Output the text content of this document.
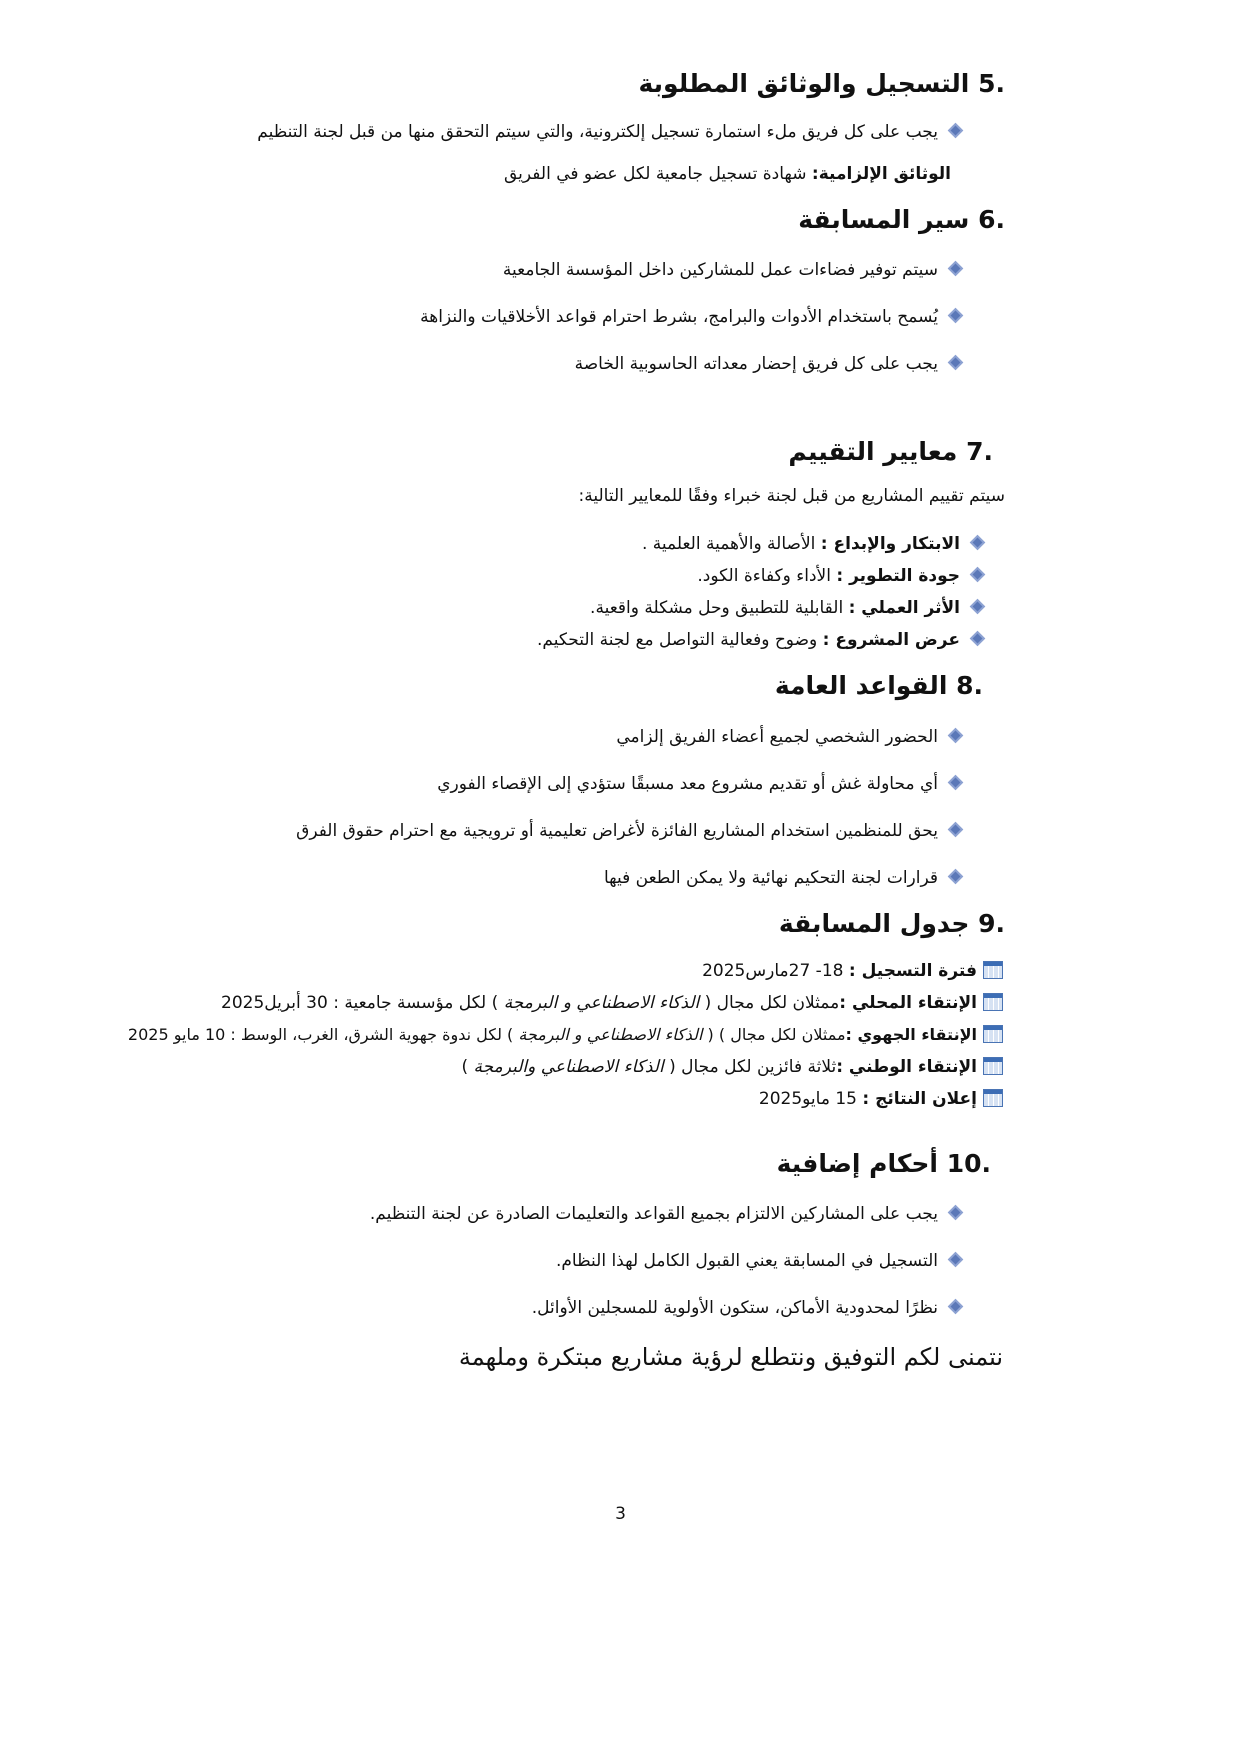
.5 التسجيل والوثائق المطلوبة
يجب على كل فريق ملء استمارة تسجيل إلكترونية، والتي سيتم التحقق منها من قبل لجنة التنظيم
الوثائق الإلزامية: شهادة تسجيل جامعية لكل عضو في الفريق
.6 سير المسابقة
سيتم توفير فضاءات عمل للمشاركين داخل المؤسسة الجامعية
يُسمح باستخدام الأدوات والبرامج، بشرط احترام قواعد الأخلاقيات والنزاهة
يجب على كل فريق إحضار معداته الحاسوبية الخاصة
.7 معايير التقييم
سيتم تقييم المشاريع من قبل لجنة خبراء وفقًا للمعايير التالية:
الابتكار والإبداع : الأصالة والأهمية العلمية .
جودة التطوير : الأداء وكفاءة الكود.
الأثر العملي : القابلية للتطبيق وحل مشكلة واقعية.
عرض المشروع : وضوح وفعالية التواصل مع لجنة التحكيم.
.8 القواعد العامة
الحضور الشخصي لجميع أعضاء الفريق إلزامي
أي محاولة غش أو تقديم مشروع معد مسبقًا ستؤدي إلى الإقصاء الفوري
يحق للمنظمين استخدام المشاريع الفائزة لأغراض تعليمية أو ترويجية مع احترام حقوق الفرق
قرارات لجنة التحكيم نهائية ولا يمكن الطعن فيها
.9 جدول المسابقة
فترة التسجيل : 18- 27مارس2025
الإنتقاء المحلي :ممثلان لكل مجال ( الذكاء الاصطناعي و البرمجة ) لكل مؤسسة جامعية : 30 أبريل2025
الإنتقاء الجهوي :ممثلان لكل مجال ) ( الذكاء الاصطناعي و البرمجة ) لكل ندوة جهوية الشرق، الغرب، الوسط : 10 مايو 2025
الإنتقاء الوطني :ثلاثة فائزين لكل مجال ( الذكاء الاصطناعي والبرمجة )
إعلان النتائج : 15 مايو2025
.10 أحكام إضافية
يجب على المشاركين الالتزام بجميع القواعد والتعليمات الصادرة عن لجنة التنظيم.
التسجيل في المسابقة يعني القبول الكامل لهذا النظام.
نظرًا لمحدودية الأماكن، ستكون الأولوية للمسجلين الأوائل.
نتمنى لكم التوفيق ونتطلع لرؤية مشاريع مبتكرة وملهمة
3
